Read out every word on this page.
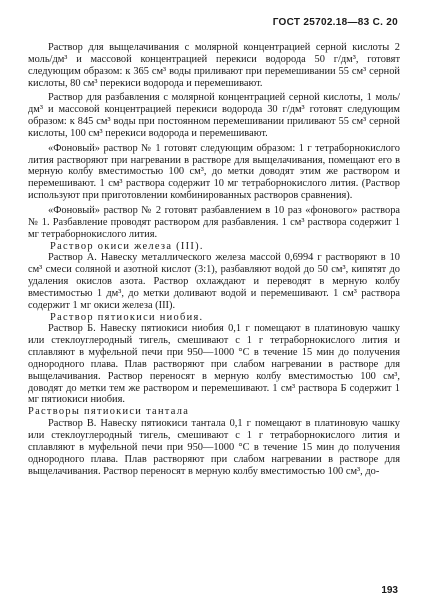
ГОСТ 25702.18—83 С. 20

Раствор для выщелачивания с молярной концентрацией серной кислоты 2 моль/дм³ и массовой концентрацией перекиси водорода 50 г/дм³, готовят следующим образом: к 365 см³ воды приливают при перемешивании 55 см³ серной кислоты, 80 см³ перекиси водорода и перемешивают.

Раствор для разбавления с молярной концентрацией серной кислоты, 1 моль/дм³ и массовой концентрацией перекиси водорода 30 г/дм³ готовят следующим образом: к 845 см³ воды при постоянном перемешивании приливают 55 см³ серной кислоты, 100 см³ перекиси водорода и перемешивают.

«Фоновый» раствор № 1 готовят следующим образом: 1 г тетраборнокислого лития растворяют при нагревании в растворе для выщелачивания, помещают его в мерную колбу вместимостью 100 см³, до метки доводят этим же раствором и перемешивают. 1 см³ раствора содержит 10 мг тетраборнокислого лития. (Раствор используют при приготовлении комбинированных растворов сравнения).

«Фоновый» раствор № 2 готовят разбавлением в 10 раз «фонового» раствора № 1. Разбавление проводят раствором для разбавления. 1 см³ раствора содержит 1 мг тетраборнокислого лития.

Раствор окиси железа (III).

Раствор А. Навеску металлического железа массой 0,6994 г растворяют в 10 см³ смеси соляной и азотной кислот (3:1), разбавляют водой до 50 см³, кипятят до удаления окислов азота. Раствор охлаждают и переводят в мерную колбу вместимостью 1 дм³, до метки доливают водой и перемешивают. 1 см³ раствора содержит 1 мг окиси железа (III).

Раствор пятиокиси ниобия.

Раствор Б. Навеску пятиокиси ниобия 0,1 г помещают в платиновую чашку или стеклоуглеродный тигель, смешивают с 1 г тетраборнокислого лития и сплавляют в муфельной печи при 950—1000 °С в течение 15 мин до получения однородного плава. Плав растворяют при слабом нагревании в растворе для выщелачивания. Раствор переносят в мерную колбу вместимостью 100 см³, доводят до метки тем же раствором и перемешивают. 1 см³ раствора Б содержит 1 мг пятиокиси ниобия.

Растворы пятиокиси тантала

Раствор В. Навеску пятиокиси тантала 0,1 г помещают в платиновую чашку или стеклоуглеродный тигель, смешивают с 1 г тетраборнокислого лития и сплавляют в муфельной печи при 950—1000 °С в течение 15 мин до получения однородного плава. Плав растворяют при слабом нагревании в растворе для выщелачивания. Раствор переносят в мерную колбу вместимостью 100 см³, до-

193
